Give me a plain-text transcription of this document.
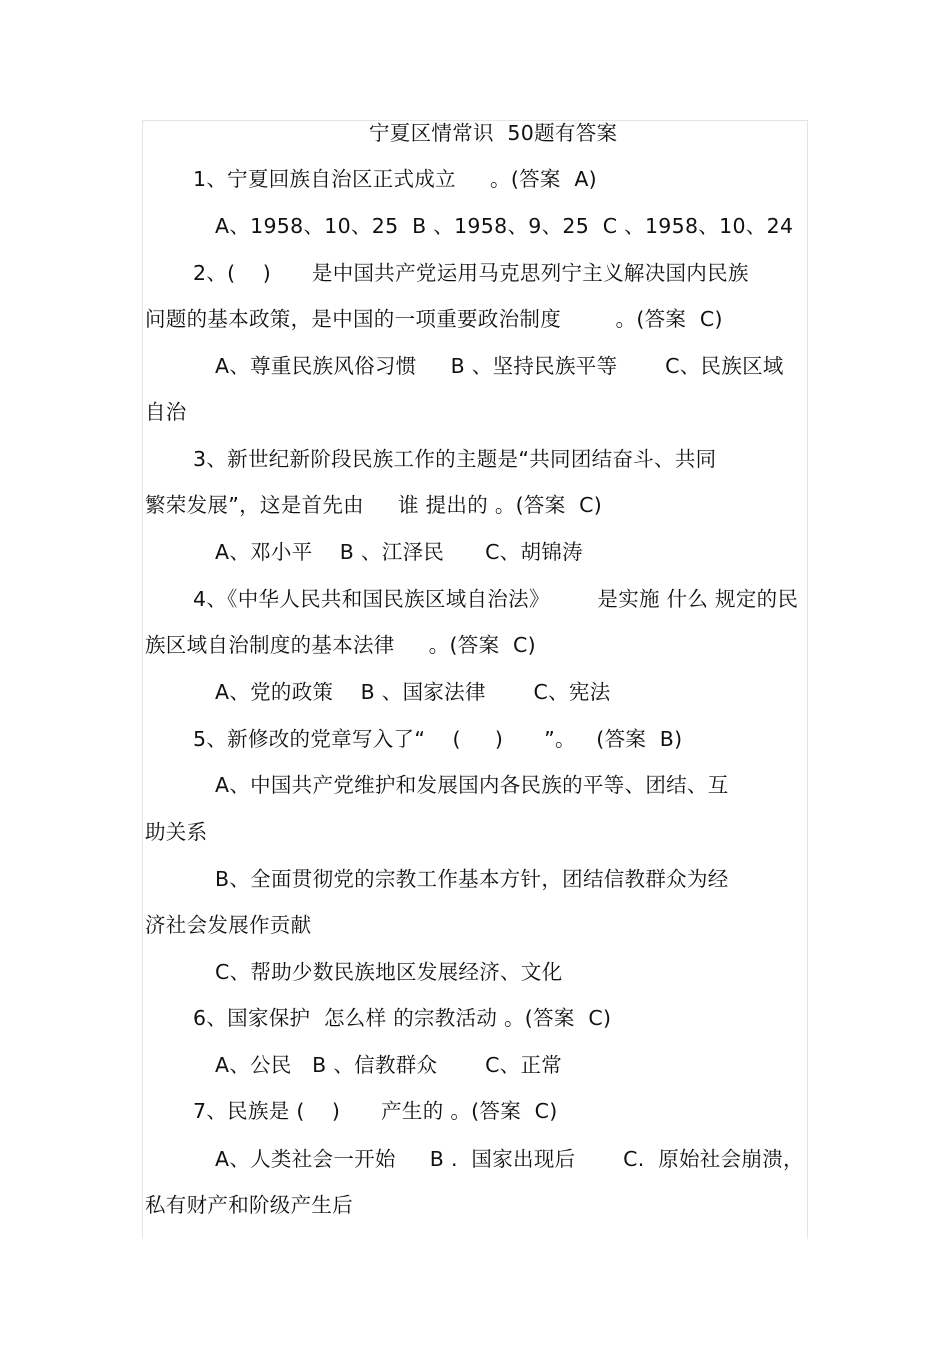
宁夏区情常识  50题有答案
1、宁夏回族自治区正式成立     。(答案  A)
A、1958、10、25  B 、1958、9、25  C 、1958、10、24
2、(    )      是中国共产党运用马克思列宁主义解决国内民族
问题的基本政策，是中国的一项重要政治制度        。(答案  C)
A、尊重民族风俗习惯     B 、坚持民族平等       C、民族区域
自治
3、新世纪新阶段民族工作的主题是“共同团结奋斗、共同
繁荣发展”，这是首先由     谁 提出的 。(答案  C)
A、邓小平    B 、江泽民      C、胡锦涛
4、《中华人民共和国民族区域自治法》       是实施 什么 规定的民
族区域自治制度的基本法律     。(答案  C)
A、党的政策    B 、国家法律       C、宪法
5、新修改的党章写入了“    (     )      ”。   (答案  B)
A、中国共产党维护和发展国内各民族的平等、团结、互
助关系
B、全面贯彻党的宗教工作基本方针，团结信教群众为经
济社会发展作贡献
C、帮助少数民族地区发展经济、文化
6、国家保护  怎么样 的宗教活动 。(答案  C)
A、公民   B 、信教群众       C、正常
7、民族是 (    )      产生的 。(答案  C)
A、人类社会一开始     B .  国家出现后       C.  原始社会崩溃，
私有财产和阶级产生后
